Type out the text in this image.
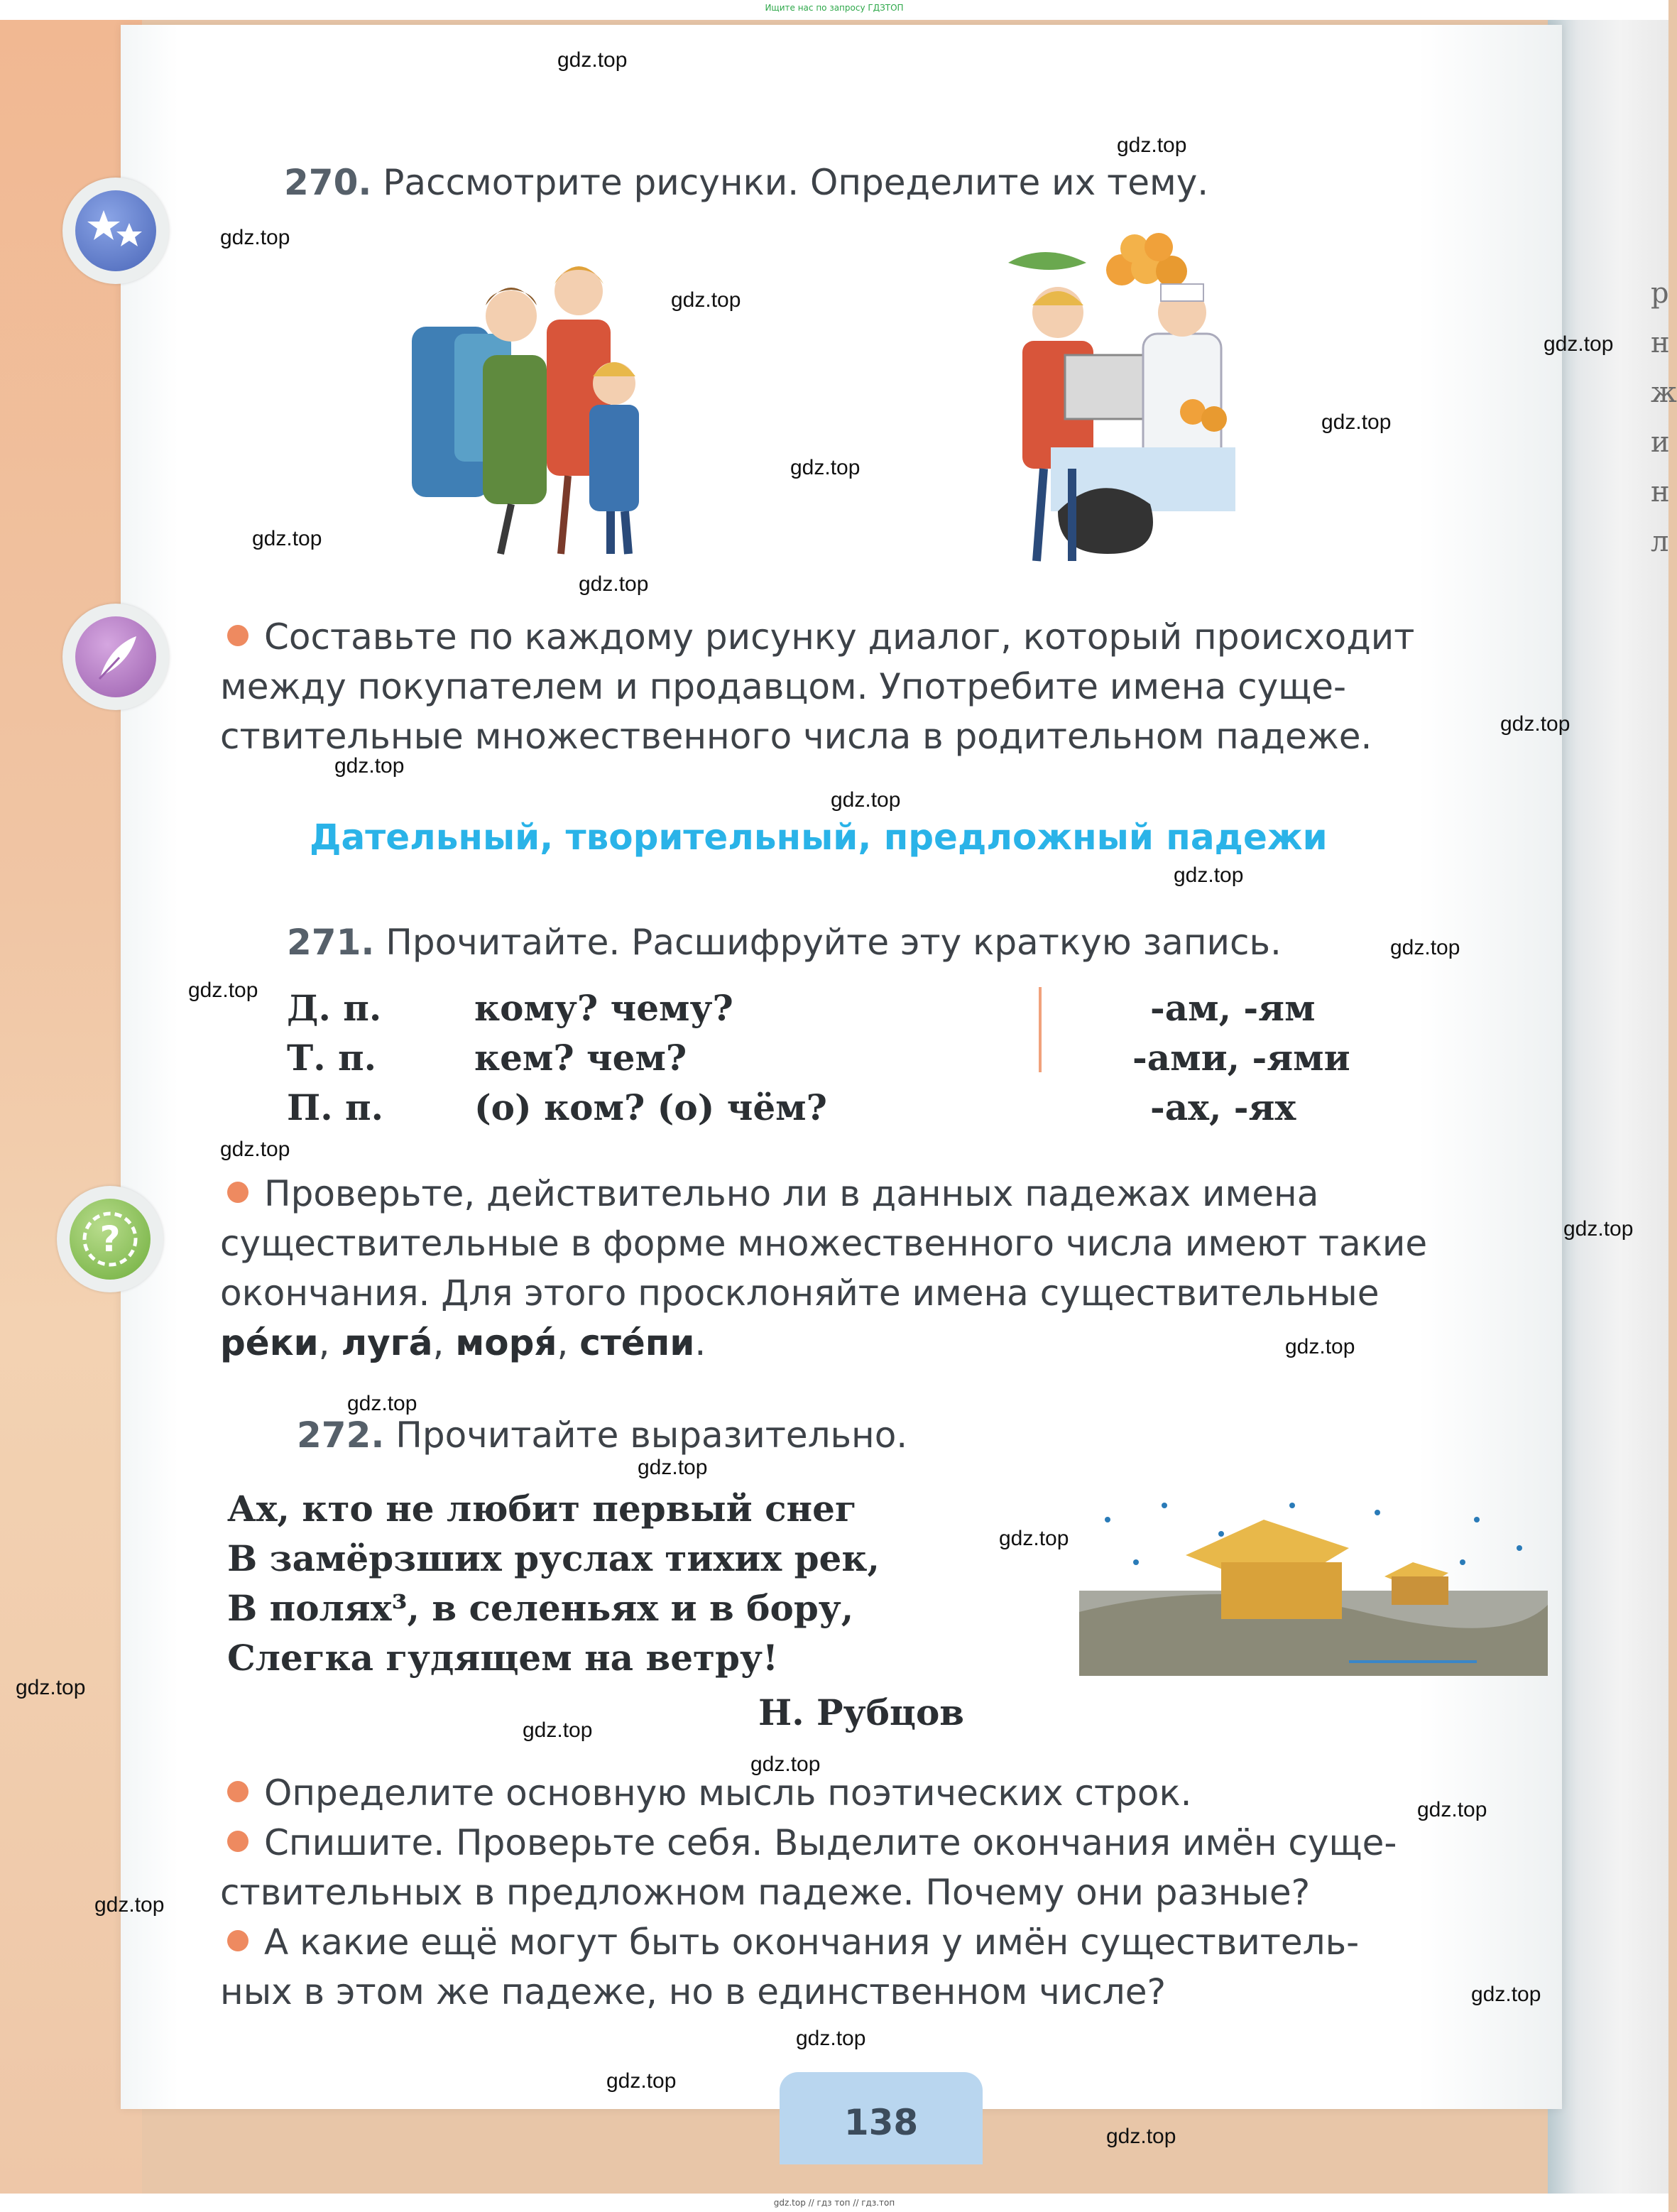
Ищите нас по запросу ГДЗТОП
р
н
ж
и
н
л
?
270. Рассмотрите рисунки. Определите их тему.
Составьте по каждому рисунку диалог, который происходит
между покупателем и продавцом. Употребите имена суще-
ствительные множественного числа в родительном падеже.
Дательный, творительный, предложный падежи
271. Прочитайте. Расшифруйте эту краткую запись.
Д. п.	кому? чему?	-ам, -ям
Т. п.	кем? чем?	-ами, -ями
П. п.	(о) ком? (о) чём?	-ах, -ях
Проверьте, действительно ли в данных падежах имена
существительные в форме множественного числа имеют такие
окончания. Для этого просклоняйте имена существительные
ре́ки, луга́, моря́, сте́пи.
272. Прочитайте выразительно.
Ах, кто не любит первый снег
В замёрзших руслах тихих рек,
В полях³, в селеньях и в бору,
Слегка гудящем на ветру!
Н. Рубцов
Определите основную мысль поэтических строк.
Спишите. Проверьте себя. Выделите окончания имён суще-
ствительных в предложном падеже. Почему они разные?
А какие ещё могут быть окончания у имён существитель-
ных в этом же падеже, но в единственном числе?
138
gdz.top
gdz.top
gdz.top
gdz.top
gdz.top
gdz.top
gdz.top
gdz.top
gdz.top
gdz.top
gdz.top
gdz.top
gdz.top
gdz.top
gdz.top
gdz.top
gdz.top
gdz.top
gdz.top
gdz.top
gdz.top
gdz.top
gdz.top
gdz.top
gdz.top
gdz.top
gdz.top
gdz.top
gdz.top
gdz.top
gdz.top // гдз топ // гдз.топ
